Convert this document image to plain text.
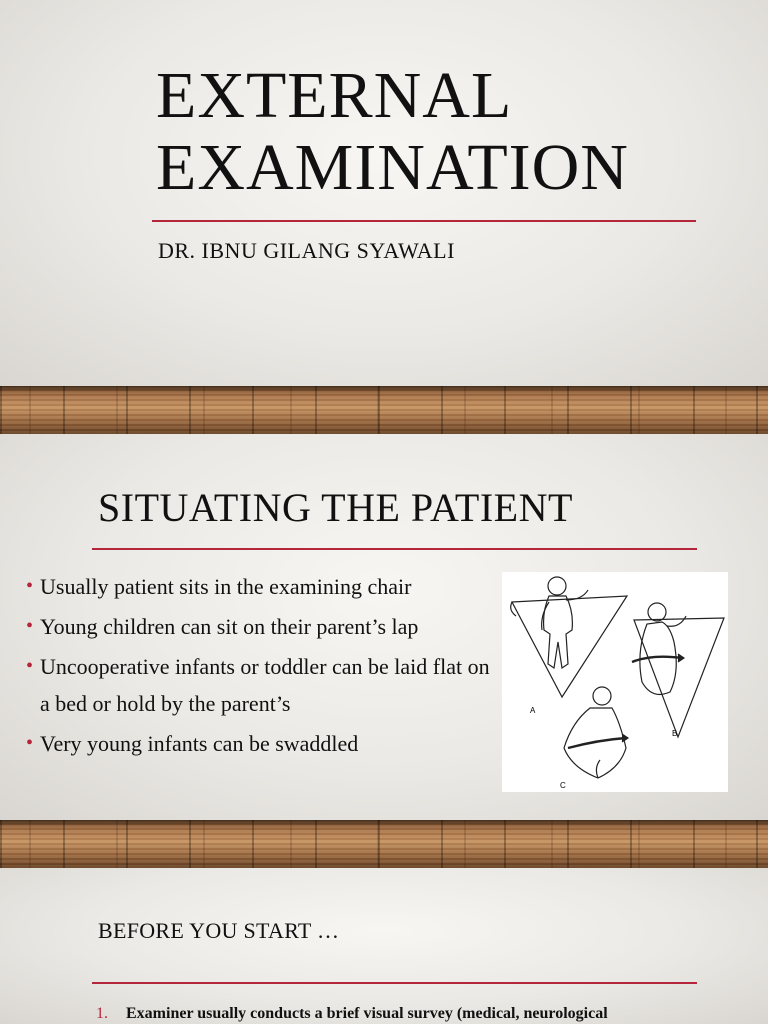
EXTERNAL
EXAMINATION

DR. IBNU GILANG SYAWALI

SITUATING THE PATIENT
• Usually patient sits in the examining chair
• Young children can sit on their parent’s lap
• Uncooperative infants or toddler can be laid flat on a bed or hold by the parent’s
• Very young infants can be swaddled
A
B
C
BEFORE YOU START …
1. Examiner usually conducts a brief visual survey (medical, neurological
